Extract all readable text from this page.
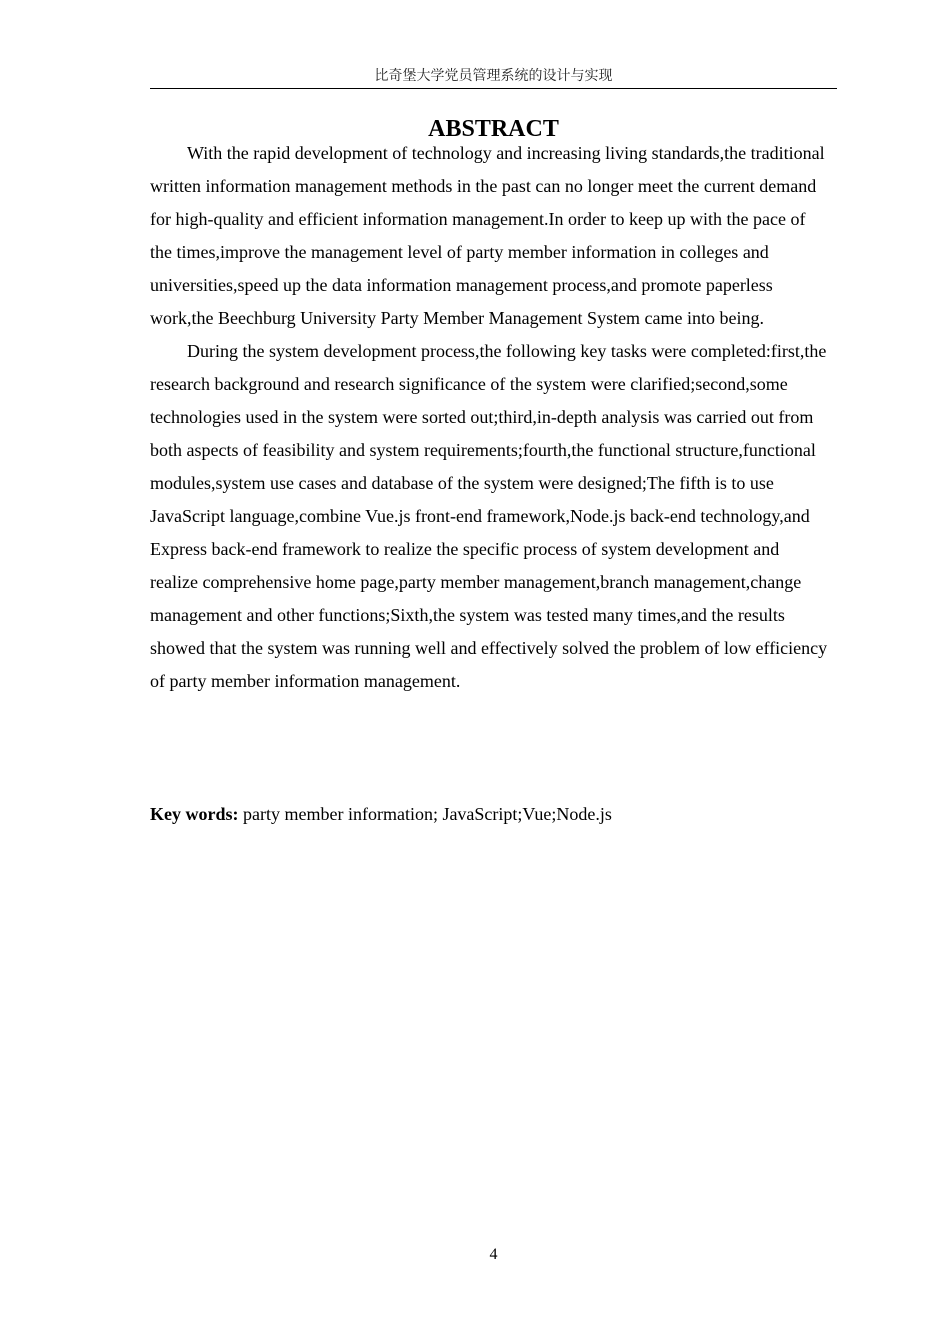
比奇堡大学党员管理系统的设计与实现
ABSTRACT

With the rapid development of technology and increasing living standards,the traditional written information management methods in the past can no longer meet the current demand for high-quality and efficient information management.In order to keep up with the pace of the times,improve the management level of party member information in colleges and universities,speed up the data information management process,and promote paperless work,the Beechburg University Party Member Management System came into being.

During the system development process,the following key tasks were completed:first,the research background and research significance of the system were clarified;second,some technologies used in the system were sorted out;third,in-depth analysis was carried out from both aspects of feasibility and system requirements;fourth,the functional structure,functional modules,system use cases and database of the system were designed;The fifth is to use JavaScript language,combine Vue.js front-end framework,Node.js back-end technology,and Express back-end framework to realize the specific process of system development and realize comprehensive home page,party member management,branch management,change management and other functions;Sixth,the system was tested many times,and the results showed that the system was running well and effectively solved the problem of low efficiency of party member information management.

Key words: party member information; JavaScript;Vue;Node.js
4
